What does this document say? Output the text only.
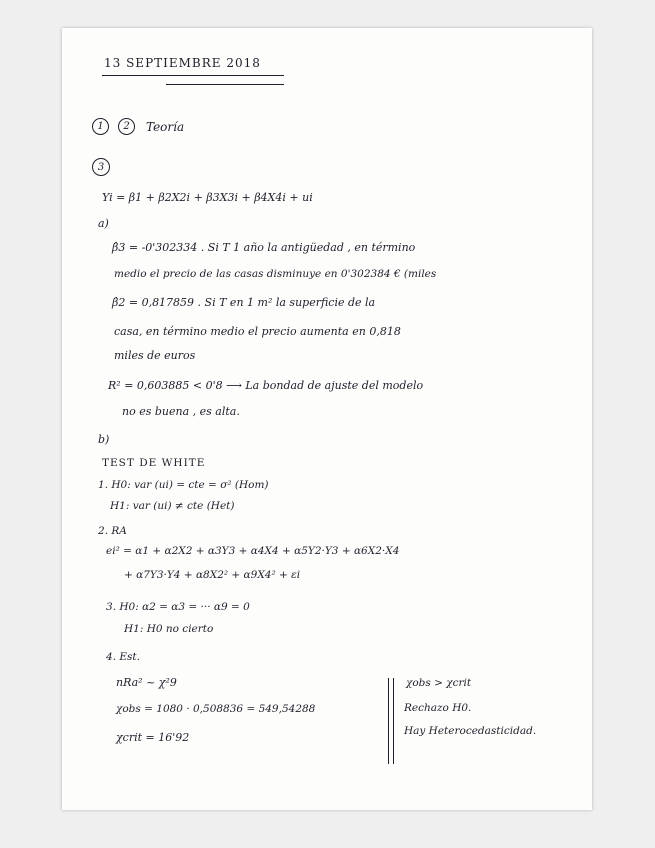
13 SEPTIEMBRE 2018
1 2 Teoría
3
Yi = β1 + β2X2i + β3X3i + β4X4i + ui
a)
β̂3 = -0'302334 . Si T 1 año la antigüedad , en término
medio el precio de las casas disminuye en 0'302384 € (miles
β̂2 = 0,817859 . Si T en 1 m² la superficie de la
casa, en término medio el precio aumenta en 0,818
miles de euros
R² = 0,603885 < 0'8 ⟶ La bondad de ajuste del modelo
no es buena , es alta.
b)
TEST DE WHITE
1. H0: var (ui) = cte = σ² (Hom)
H1: var (ui) ≠ cte (Het)
2. RA
ei² = α1 + α2X2 + α3Y3 + α4X4 + α5Y2·Y3 + α6X2·X4
+ α7Y3·Y4 + α8X2² + α9X4² + εi
3. H0: α2 = α3 = ··· α9 = 0
H1: H0 no cierto
4. Est.
nRa² ~ χ²9
χobs = 1080 · 0,508836 = 549,54288
χcrit = 16'92
χobs > χcrit
Rechazo H0.
Hay Heterocedasticidad.
